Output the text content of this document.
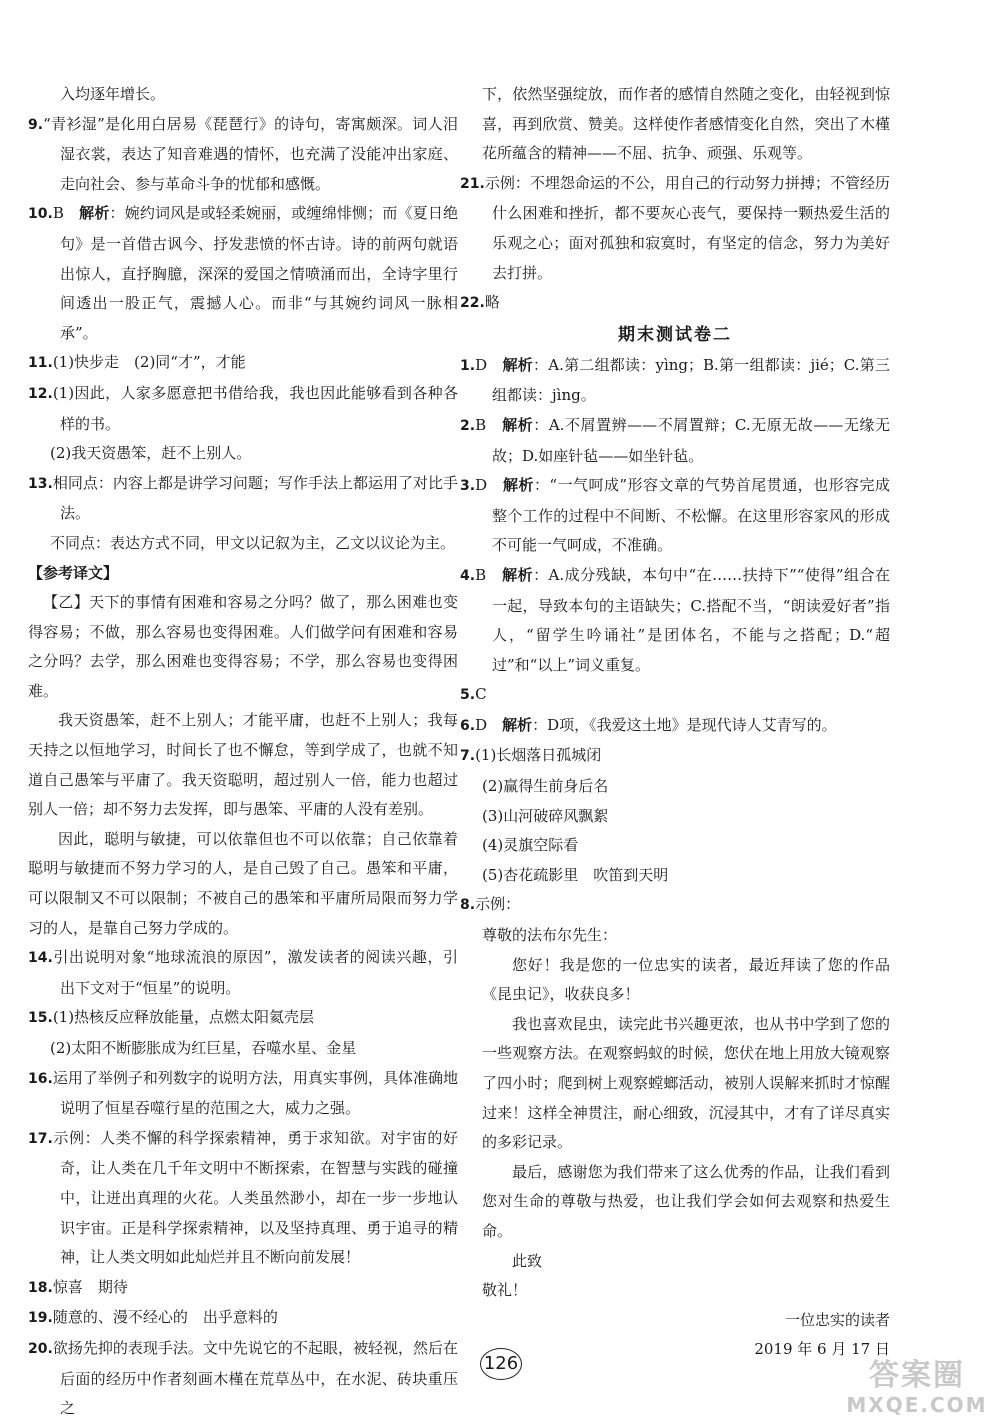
入均逐年增长。

9.“青衫湿”是化用白居易《琵琶行》的诗句，寄寓颇深。词人泪湿衣裳，表达了知音难遇的情怀，也充满了没能冲出家庭、走向社会、参与革命斗争的忧郁和感慨。

10.B　 解析：婉约词风是或轻柔婉丽，或缠绵悱恻；而《夏日绝句》是一首借古讽今、抒发悲愤的怀古诗。诗的前两句就语出惊人，直抒胸臆，深深的爱国之情喷涌而出，全诗字里行间透出一股正气，震撼人心。而非“与其婉约词风一脉相承”。

11.(1)快步走　(2)同“才”，才能

12.(1)因此，人家多愿意把书借给我，我也因此能够看到各种各样的书。

(2)我天资愚笨，赶不上别人。

13.相同点：内容上都是讲学习问题；写作手法上都运用了对比手法。

不同点：表达方式不同，甲文以记叙为主，乙文以议论为主。

【参考译文】

【乙】天下的事情有困难和容易之分吗？做了，那么困难也变得容易；不做，那么容易也变得困难。人们做学问有困难和容易之分吗？去学，那么困难也变得容易；不学，那么容易也变得困难。

我天资愚笨，赶不上别人；才能平庸，也赶不上别人；我每天持之以恒地学习，时间长了也不懈怠，等到学成了，也就不知道自己愚笨与平庸了。我天资聪明，超过别人一倍，能力也超过别人一倍；却不努力去发挥，即与愚笨、平庸的人没有差别。

因此，聪明与敏捷，可以依靠但也不可以依靠；自己依靠着聪明与敏捷而不努力学习的人，是自己毁了自己。愚笨和平庸，可以限制又不可以限制；不被自己的愚笨和平庸所局限而努力学习的人，是靠自己努力学成的。

14.引出说明对象“地球流浪的原因”，激发读者的阅读兴趣，引出下文对于“恒星”的说明。

15.(1)热核反应释放能量，点燃太阳氦壳层

(2)太阳不断膨胀成为红巨星，吞噬水星、金星

16.运用了举例子和列数字的说明方法，用真实事例，具体准确地说明了恒星吞噬行星的范围之大，威力之强。

17.示例：人类不懈的科学探索精神，勇于求知欲。对宇宙的好奇，让人类在几千年文明中不断探索，在智慧与实践的碰撞中，让迸出真理的火花。人类虽然渺小，却在一步一步地认识宇宙。正是科学探索精神，以及坚持真理、勇于追寻的精神，让人类文明如此灿烂并且不断向前发展！

18.惊喜　期待

19.随意的、漫不经心的　出乎意料的

20.欲扬先抑的表现手法。文中先说它的不起眼，被轻视，然后在后面的经历中作者刻画木槿在荒草丛中，在水泥、砖块重压之

下，依然坚强绽放，而作者的感情自然随之变化，由轻视到惊喜，再到欣赏、赞美。这样使作者感情变化自然，突出了木槿花所蕴含的精神——不屈、抗争、顽强、乐观等。

21.示例：不埋怨命运的不公，用自己的行动努力拼搏；不管经历什么困难和挫折，都不要灰心丧气，要保持一颗热爱生活的乐观之心；面对孤独和寂寞时，有坚定的信念，努力为美好去打拼。

22.略

期末测试卷二

1.D　 解析：A.第二组都读：yìng；B.第一组都读：jié；C.第三组都读：jìng。

2.B　 解析：A.不屑置辨——不屑置辩；C.无原无故——无缘无故；D.如座针毡——如坐针毡。

3.D　 解析：“一气呵成”形容文章的气势首尾贯通，也形容完成整个工作的过程中不间断、不松懈。在这里形容家风的形成不可能一气呵成，不准确。

4.B　 解析：A.成分残缺，本句中“在……扶持下”“使得”组合在一起，导致本句的主语缺失；C.搭配不当，“朗读爱好者”指人，“留学生吟诵社”是团体名，不能与之搭配；D.“超过”和“以上”词义重复。

5.C

6.D　 解析：D项，《我爱这土地》是现代诗人艾青写的。

7.(1)长烟落日孤城闭

(2)赢得生前身后名

(3)山河破碎风飘絮

(4)灵旗空际看

(5)杏花疏影里　吹笛到天明

8.示例：

尊敬的法布尔先生：

您好！我是您的一位忠实的读者，最近拜读了您的作品《昆虫记》，收获良多！

我也喜欢昆虫，读完此书兴趣更浓，也从书中学到了您的一些观察方法。在观察蚂蚁的时候，您伏在地上用放大镜观察了四小时；爬到树上观察螳螂活动，被别人误解来抓时才惊醒过来！这样全神贯注，耐心细致，沉浸其中，才有了详尽真实的多彩记录。

最后，感谢您为我们带来了这么优秀的作品，让我们看到您对生命的尊敬与热爱，也让我们学会如何去观察和热爱生命。

此致

敬礼！

一位忠实的读者

2019 年 6 月 17 日

126	答案圈
MXQE.COM
